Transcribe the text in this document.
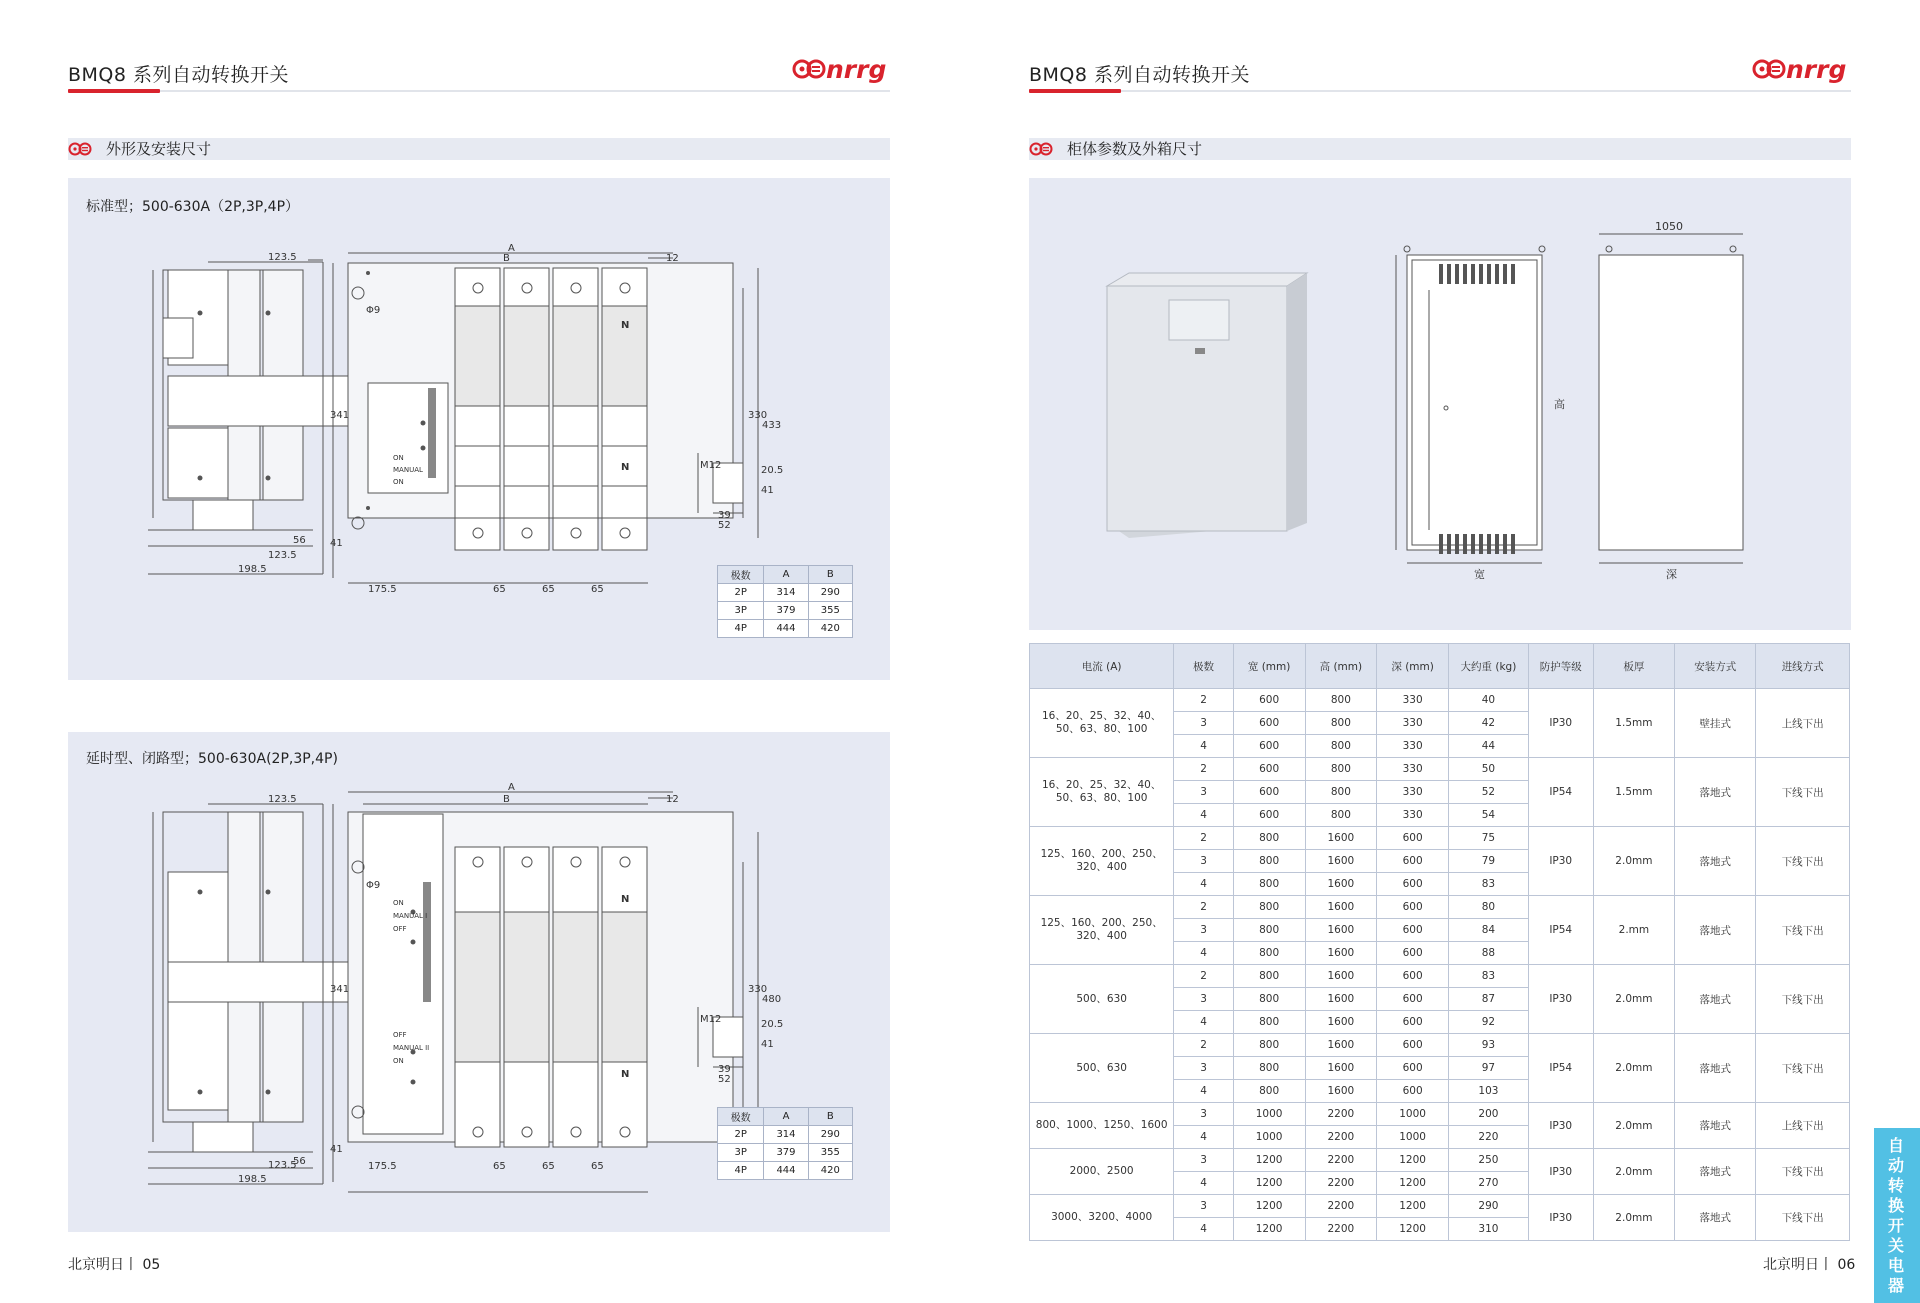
BMQ8 系列自动转换开关	nrrg
外形及安装尺寸
标准型；500-630A（2P,3P,4P）
A
B	12
123.5
341
41
56
123.5
198.5
175.5	65	65	65
330
433
Φ9
M12	20.5
41
39
52
N
N
ON
MANUAL
ON
极数	A	B
2P	314	290
3P	379	355
4P	444	420
延时型、闭路型；500-630A(2P,3P,4P)
A
B	12
123.5
341
41
56
123.5
198.5
175.5	65	65	65
330
480
Φ9
M12	20.5
41
39
52
N
N
ON
MANUAL I
OFF
OFF
MANUAL II
ON
极数	A	B
2P	314	290
3P	379	355
4P	444	420
北京明日丨 05
BMQ8 系列自动转换开关	nrrg
柜体参数及外箱尺寸
1050
高
宽	深
电流 (A)	极数	宽 (mm)	高 (mm)	深 (mm)	大约重 (kg)	防护等级	板厚	安装方式	进线方式
16、20、25、32、40、50、63、80、100	2	600	800	330	40	IP30	1.5mm	壁挂式	上线下出
	3	600	800	330	42				
	4	600	800	330	44				
16、20、25、32、40、50、63、80、100	2	600	800	330	50	IP54	1.5mm	落地式	下线下出
	3	600	800	330	52				
	4	600	800	330	54				
125、160、200、250、320、400	2	800	1600	600	75	IP30	2.0mm	落地式	下线下出
	3	800	1600	600	79				
	4	800	1600	600	83				
125、160、200、250、320、400	2	800	1600	600	80	IP54	2.mm	落地式	下线下出
	3	800	1600	600	84				
	4	800	1600	600	88				
500、630	2	800	1600	600	83	IP30	2.0mm	落地式	下线下出
	3	800	1600	600	87				
	4	800	1600	600	92				
500、630	2	800	1600	600	93	IP54	2.0mm	落地式	下线下出
	3	800	1600	600	97				
	4	800	1600	600	103				
800、1000、1250、1600	3	1000	2200	1000	200	IP30	2.0mm	落地式	上线下出
	4	1000	2200	1000	220				
2000、2500	3	1200	2200	1200	250	IP30	2.0mm	落地式	下线下出
	4	1200	2200	1200	270				
3000、3200、4000	3	1200	2200	1200	290	IP30	2.0mm	落地式	下线下出
	4	1200	2200	1200	310				
北京明日丨 06
自动转换开关电器
